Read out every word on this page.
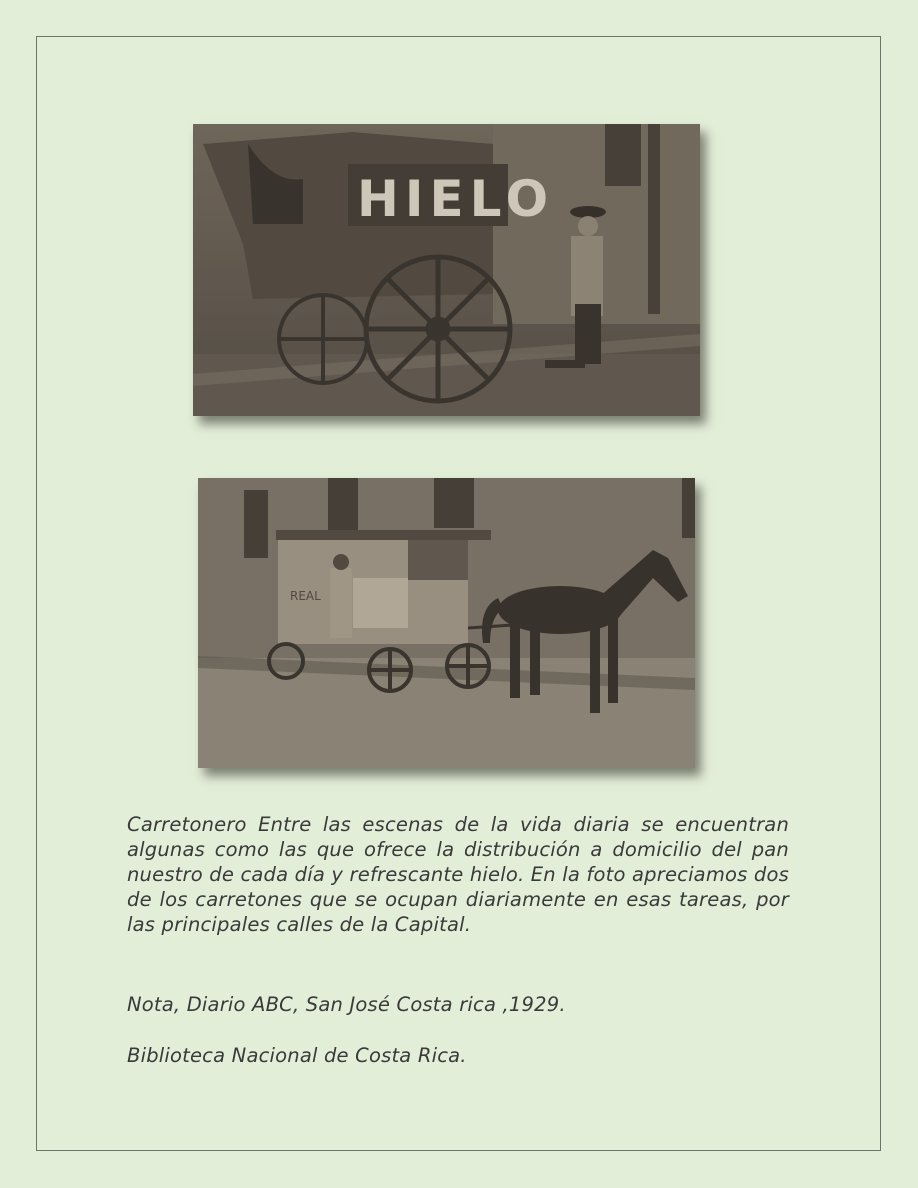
HIELO
REAL

Carretonero Entre las escenas de la vida diaria se encuentran algunas como las que ofrece la distribución a domicilio del pan nuestro de cada día y refrescante hielo. En la foto apreciamos dos de los carretones que se ocupan diariamente en esas tareas, por las principales calles de la Capital.

Nota, Diario ABC, San José Costa rica ,1929.

Biblioteca Nacional de Costa Rica.
